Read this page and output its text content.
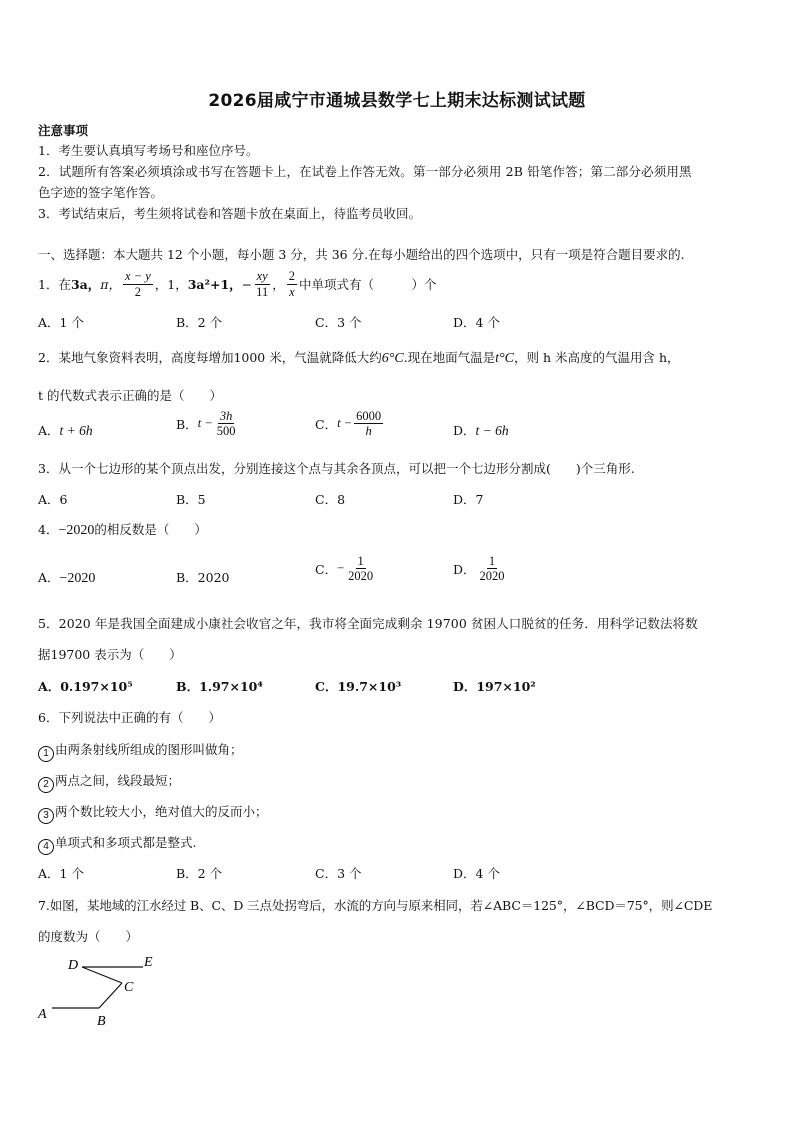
2026届咸宁市通城县数学七上期末达标测试试题
注意事项
1．考生要认真填写考场号和座位序号。
2．试题所有答案必须填涂或书写在答题卡上，在试卷上作答无效。第一部分必须用 2B 铅笔作答；第二部分必须用黑
色字迹的签字笔作答。
3．考试结束后，考生须将试卷和答题卡放在桌面上，待监考员收回。
一、选择题：本大题共 12 个小题，每小题 3 分，共 36 分.在每小题给出的四个选项中，只有一项是符合题目要求的.
1．在 3a， π， $\frac{x - y}{2}$ ，1， 3a²+1， − $\frac{xy}{11}$ ， $\frac{2}{x}$ 中单项式有（　　　）个
A．1 个	B．2 个	C．3 个	D．4 个
2．某地气象资料表明，高度每增加1000 米，气温就降低大约6°C.现在地面气温是t°C，则 h 米高度的气温用含 h，
t 的代数式表示正确的是（　　）
A．t + 6h	B． $t - \frac{3h}{500}$	C． $t - \frac{6000}{h}$	D．t − 6h
3．从一个七边形的某个顶点出发，分别连接这个点与其余各顶点，可以把一个七边形分割成(　　)个三角形.
A．6	B．5	C．8	D．7
4．−2020的相反数是（　　）
A．−2020	B．2020
C． − $\frac{1}{2020}$	D． $\frac{1}{2020}$
5．2020 年是我国全面建成小康社会收官之年，我市将全面完成剩余 19700 贫困人口脱贫的任务．用科学记数法将数
据19700 表示为（　　）
A．0.197×10⁵	B．1.97×10⁴	C．19.7×10³	D．197×10²
6．下列说法中正确的有（　　）
1 由两条射线所组成的图形叫做角；
2 两点之间，线段最短；
3 两个数比较大小，绝对值大的反而小；
4 单项式和多项式都是整式.
A．1 个	B．2 个	C．3 个	D．4 个
7.如图，某地域的江水经过 B、C、D 三点处拐弯后，水流的方向与原来相同，若∠ABC＝125°，∠BCD＝75°，则∠CDE
的度数为（　　）
D	E
C
A	B
